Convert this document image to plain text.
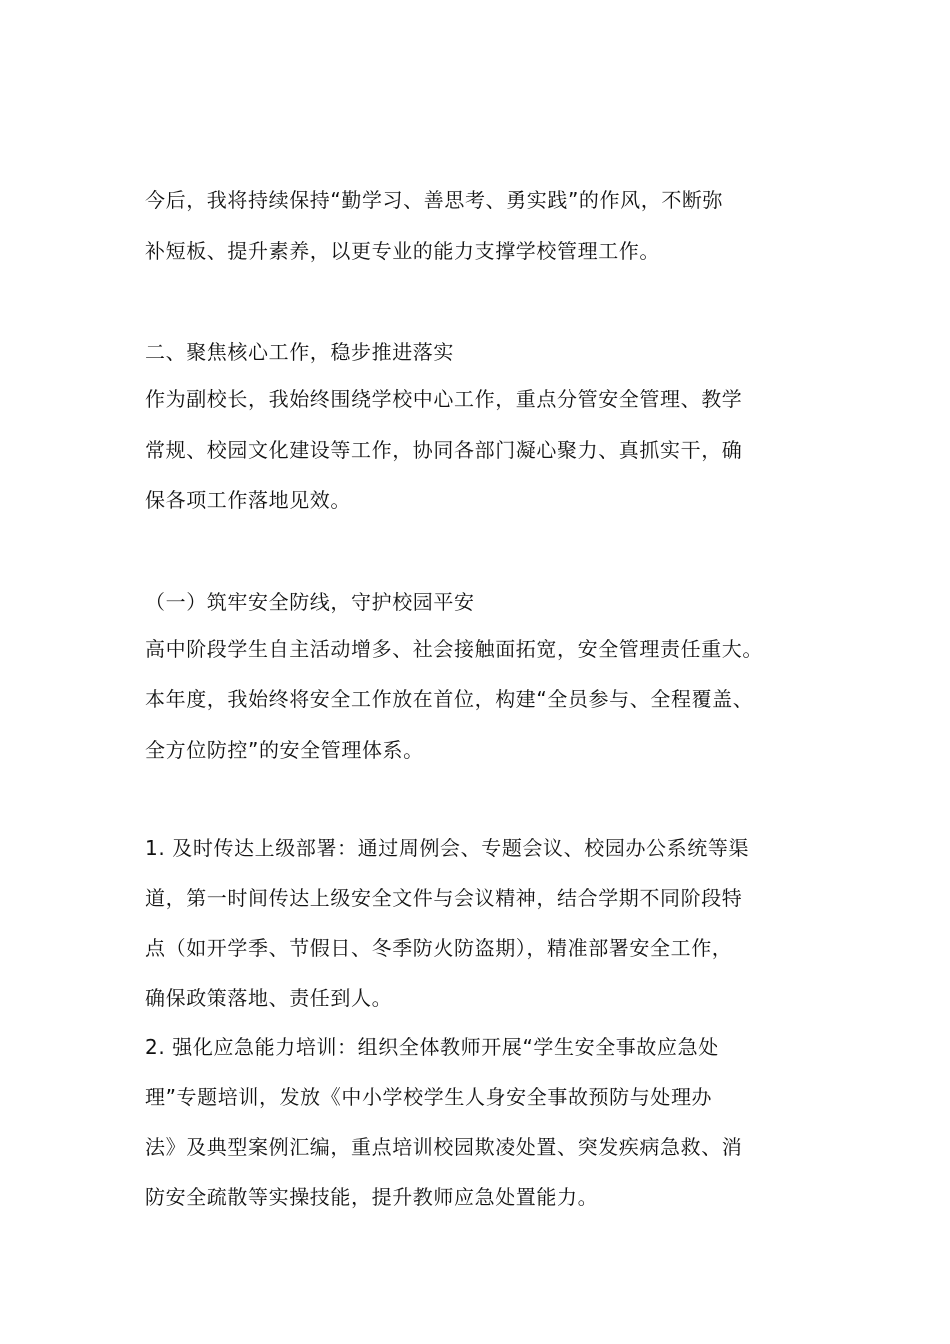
今后，我将持续保持“勤学习、善思考、勇实践”的作风，不断弥
补短板、提升素养，以更专业的能力支撑学校管理工作。
二、聚焦核心工作，稳步推进落实
作为副校长，我始终围绕学校中心工作，重点分管安全管理、教学
常规、校园文化建设等工作，协同各部门凝心聚力、真抓实干，确
保各项工作落地见效。
（一）筑牢安全防线，守护校园平安
高中阶段学生自主活动增多、社会接触面拓宽，安全管理责任重大。
本年度，我始终将安全工作放在首位，构建“全员参与、全程覆盖、
全方位防控”的安全管理体系。
1. 及时传达上级部署：通过周例会、专题会议、校园办公系统等渠
道，第一时间传达上级安全文件与会议精神，结合学期不同阶段特
点（如开学季、节假日、冬季防火防盗期），精准部署安全工作，
确保政策落地、责任到人。
2. 强化应急能力培训：组织全体教师开展“学生安全事故应急处
理”专题培训，发放《中小学校学生人身安全事故预防与处理办
法》及典型案例汇编，重点培训校园欺凌处置、突发疾病急救、消
防安全疏散等实操技能，提升教师应急处置能力。
